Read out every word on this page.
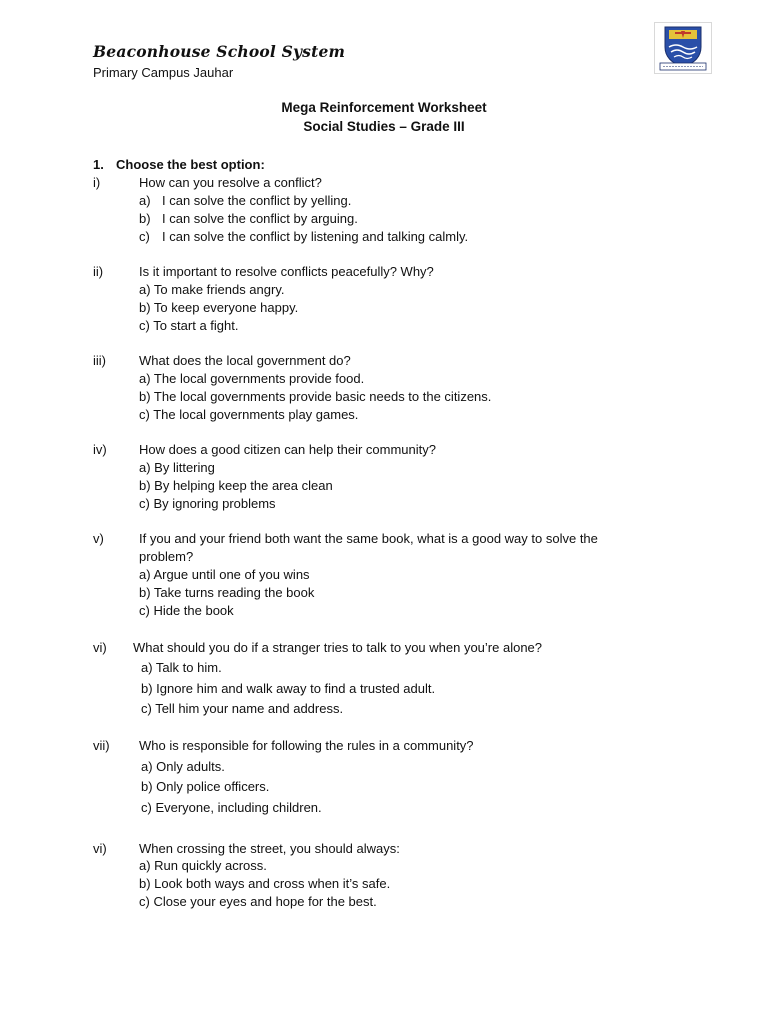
Beaconhouse School System
Primary Campus Jauhar
Mega Reinforcement Worksheet
Social Studies – Grade III
1. Choose the best option:
i)	How can you resolve a conflict?
a) I can solve the conflict by yelling.
b) I can solve the conflict by arguing.
c) I can solve the conflict by listening and talking calmly.
ii)	Is it important to resolve conflicts peacefully? Why?
a) To make friends angry.
b) To keep everyone happy.
c) To start a fight.
iii)	What does the local government do?
a) The local governments provide food.
b) The local governments provide basic needs to the citizens.
c) The local governments play games.
iv) How does a good citizen can help their community?
a) By littering
b) By helping keep the area clean
c) By ignoring problems
v)	If you and your friend both want the same book, what is a good way to solve the
problem?
a) Argue until one of you wins
b) Take turns reading the book
c) Hide the book
vi) What should you do if a stranger tries to talk to you when you’re alone?
a) Talk to him.
b) Ignore him and walk away to find a trusted adult.
c) Tell him your name and address.
vii) Who is responsible for following the rules in a community?
a) Only adults.
b) Only police officers.
c) Everyone, including children.
vi) When crossing the street, you should always:
a) Run quickly across.
b) Look both ways and cross when it’s safe.
c) Close your eyes and hope for the best.
